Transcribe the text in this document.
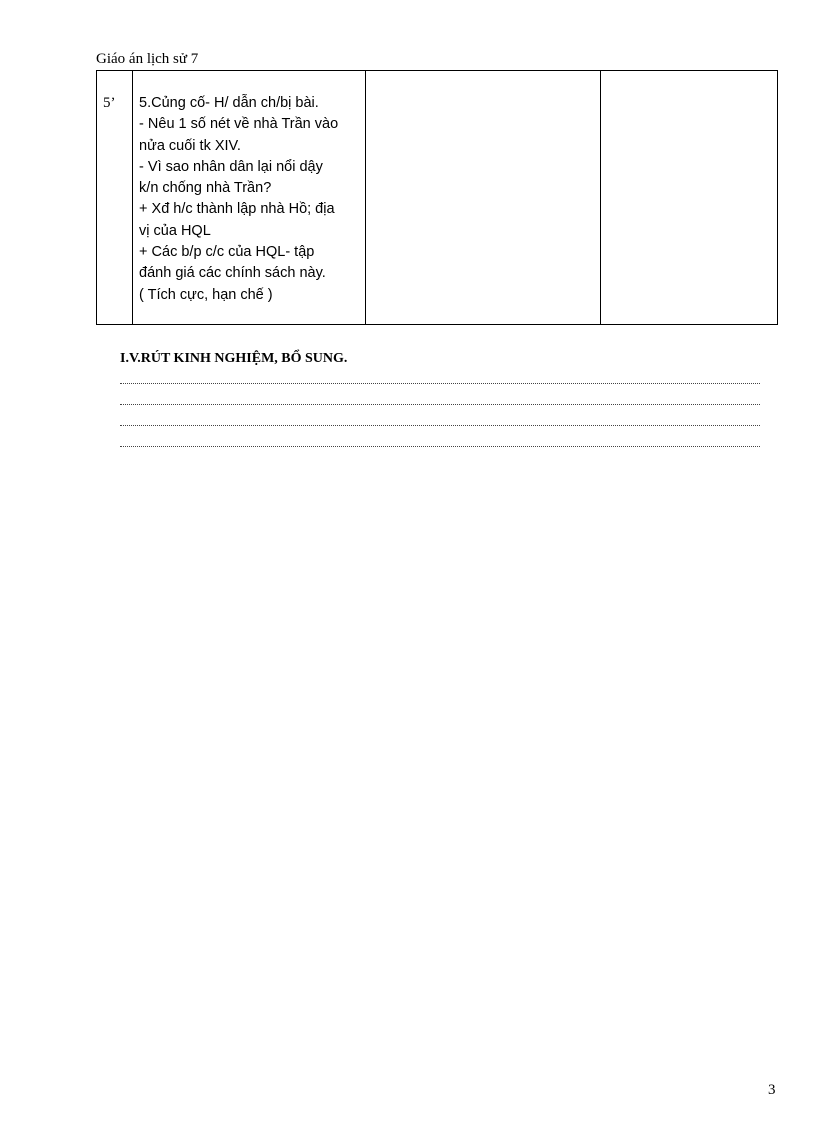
Giáo án lịch sử 7
5’	5.Củng cố- H/ dẫn ch/bị bài.
- Nêu 1 số nét về nhà Trần vào
nửa cuối tk XIV.
- Vì sao nhân dân lại nổi dậy
k/n chống nhà Trần?
+ Xđ h/c thành lập nhà Hồ; địa
vị của HQL
+ Các b/p c/c của HQL- tập
đánh giá các chính sách này.
( Tích cực, hạn chế )

I.V.RÚT KINH NGHIỆM, BỔ SUNG.
3
